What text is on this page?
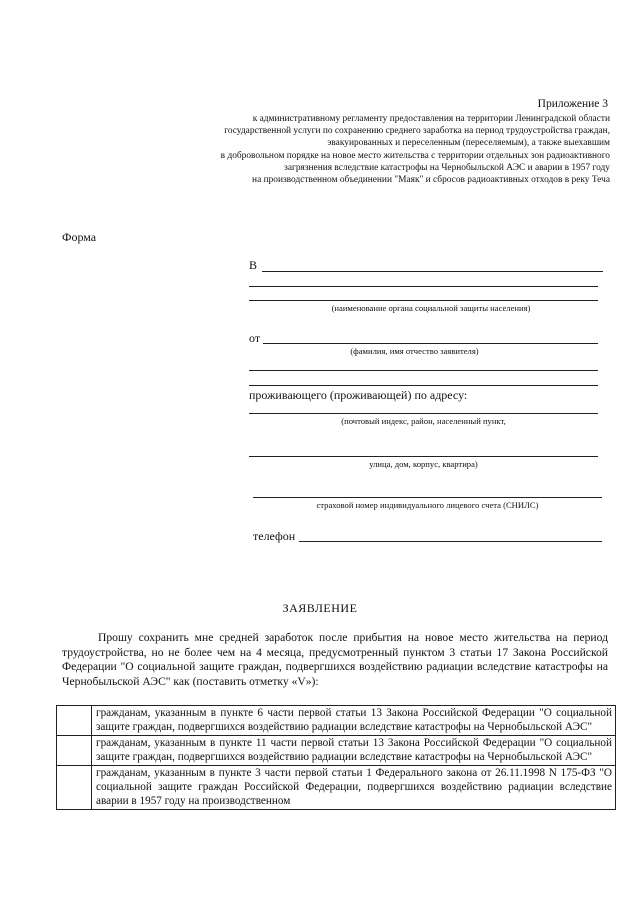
Приложение 3
к административному регламенту предоставления на территории Ленинградской области
государственной услуги по сохранению среднего заработка на период трудоустройства граждан,
эвакуированных и переселенным (переселяемым), а также выехавшим
в добровольном порядке на новое место жительства с территории отдельных зон радиоактивного
загрязнения вследствие катастрофы на Чернобыльской АЭС и аварии в 1957 году
на производственном объединении "Маяк" и сбросов радиоактивных отходов в реку Теча
Форма
В
(наименование органа социальной защиты населения)
от
(фамилия, имя отчество заявителя)
проживающего (проживающей) по адресу:
(почтовый индекс, район, населенный пункт,
улица, дом, корпус, квартира)
страховой номер индивидуального лицевого счета (СНИЛС)
телефон
ЗАЯВЛЕНИЕ
Прошу сохранить мне средней заработок после прибытия на новое место жительства на период трудоустройства, но не более чем на 4 месяца, предусмотренный пунктом 3 статьи 17 Закона Российской Федерации "О социальной защите граждан, подвергшихся воздействию радиации вследствие катастрофы на Чернобыльской АЭС" как (поставить отметку «V»):
	гражданам, указанным в пункте 6 части первой статьи 13 Закона Российской Федерации "О социальной защите граждан, подвергшихся воздействию радиации вследствие катастрофы на Чернобыльской АЭС"
	гражданам, указанным в пункте 11 части первой статьи 13 Закона Российской Федерации "О социальной защите граждан, подвергшихся воздействию радиации вследствие катастрофы на Чернобыльской АЭС"
	гражданам, указанным в пункте 3 части первой статьи 1 Федерального закона от 26.11.1998 N 175-ФЗ "О социальной защите граждан Российской Федерации, подвергшихся воздействию радиации вследствие аварии в 1957 году на производственном
